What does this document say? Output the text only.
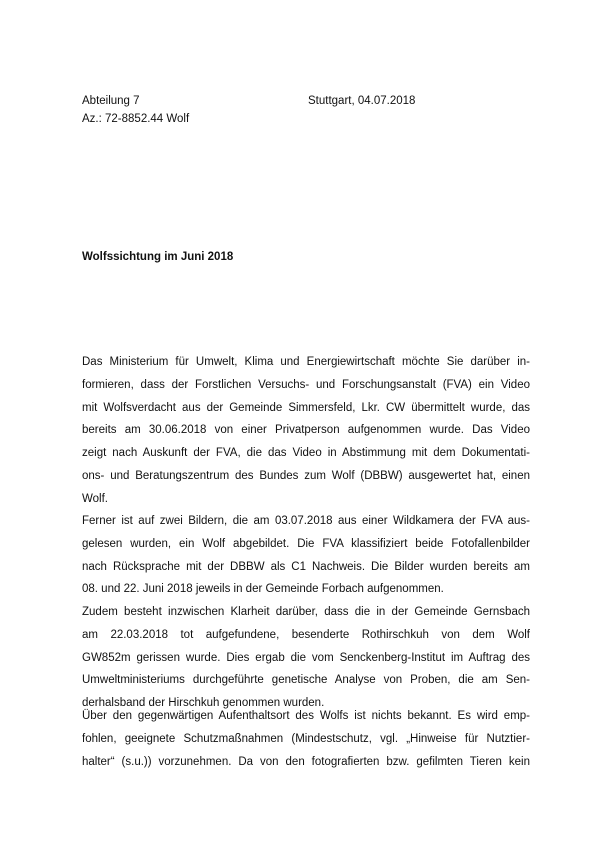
Abteilung 7
Az.: 72-8852.44 Wolf
Stuttgart, 04.07.2018
Wolfssichtung im Juni 2018
Das Ministerium für Umwelt, Klima und Energiewirtschaft möchte Sie darüber in-
formieren, dass der Forstlichen Versuchs- und Forschungsanstalt (FVA) ein Video
mit Wolfsverdacht aus der Gemeinde Simmersfeld, Lkr. CW übermittelt wurde, das
bereits am 30.06.2018 von einer Privatperson aufgenommen wurde. Das Video
zeigt nach Auskunft der FVA, die das Video in Abstimmung mit dem Dokumentati-
ons- und Beratungszentrum des Bundes zum Wolf (DBBW) ausgewertet hat, einen
Wolf.
Ferner ist auf zwei Bildern, die am 03.07.2018 aus einer Wildkamera der FVA aus-
gelesen wurden, ein Wolf abgebildet. Die FVA klassifiziert beide Fotofallenbilder
nach Rücksprache mit der DBBW als C1 Nachweis. Die Bilder wurden bereits am
08. und 22. Juni 2018 jeweils in der Gemeinde Forbach aufgenommen.
Zudem besteht inzwischen Klarheit darüber, dass die in der Gemeinde Gernsbach
am 22.03.2018 tot aufgefundene, besenderte Rothirschkuh von dem Wolf
GW852m gerissen wurde. Dies ergab die vom Senckenberg-Institut im Auftrag des
Umweltministeriums durchgeführte genetische Analyse von Proben, die am Sen-
derhalsband der Hirschkuh genommen wurden.
Über den gegenwärtigen Aufenthaltsort des Wolfs ist nichts bekannt. Es wird emp-
fohlen, geeignete Schutzmaßnahmen (Mindestschutz, vgl. „Hinweise für Nutztier-
halter“ (s.u.)) vorzunehmen. Da von den fotografierten bzw. gefilmten Tieren kein
